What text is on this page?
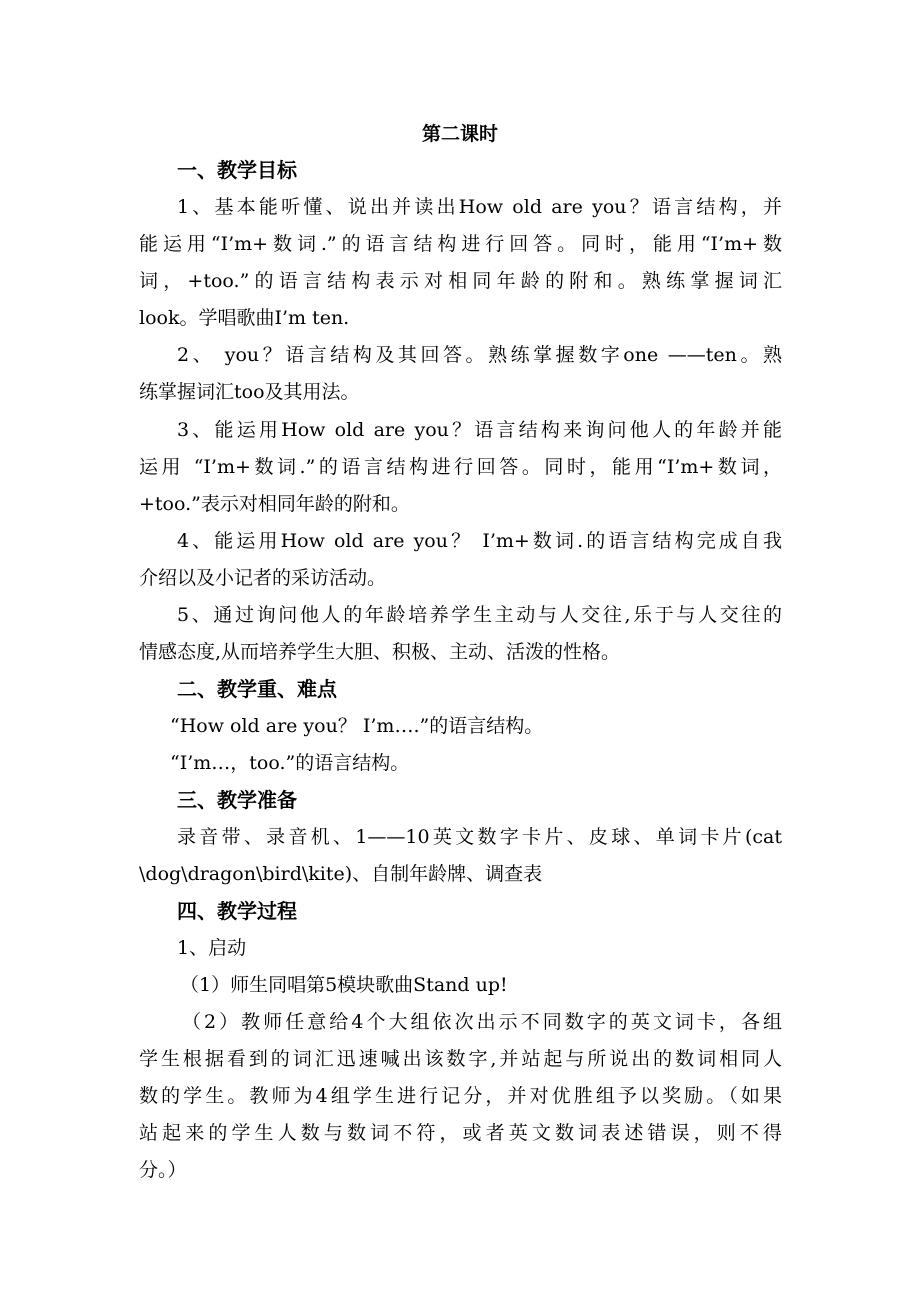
第二课时
一、教学目标
1、基本能听懂、说出并读出How old are you？语言结构，并
能运用“I’m+数词.”的语言结构进行回答。同时，能用“I’m+数
词，+too.”的语言结构表示对相同年龄的附和。熟练掌握词汇
look。学唱歌曲I’m ten.
2、 you？语言结构及其回答。熟练掌握数字one ——ten。熟
练掌握词汇too及其用法。
3、能运用How old are you？语言结构来询问他人的年龄并能
运用 “I’m+数词.”的语言结构进行回答。同时，能用“I’m+数词，
+too.”表示对相同年龄的附和。
4、能运用How old are you？ I’m+数词.的语言结构完成自我
介绍以及小记者的采访活动。
5、通过询问他人的年龄培养学生主动与人交往,乐于与人交往的
情感态度,从而培养学生大胆、积极、主动、活泼的性格。
二、教学重、难点
“How old are you？ I’m….”的语言结构。
“I’m…，too.”的语言结构。
三、教学准备
录音带、录音机、1——10英文数字卡片、皮球、单词卡片(cat
\dog\dragon\bird\kite)、自制年龄牌、调查表
四、教学过程
1、启动
（1）师生同唱第5模块歌曲Stand up!
（2）教师任意给4个大组依次出示不同数字的英文词卡，各组
学生根据看到的词汇迅速喊出该数字,并站起与所说出的数词相同人
数的学生。教师为4组学生进行记分，并对优胜组予以奖励。（如果
站起来的学生人数与数词不符，或者英文数词表述错误，则不得
分。）
